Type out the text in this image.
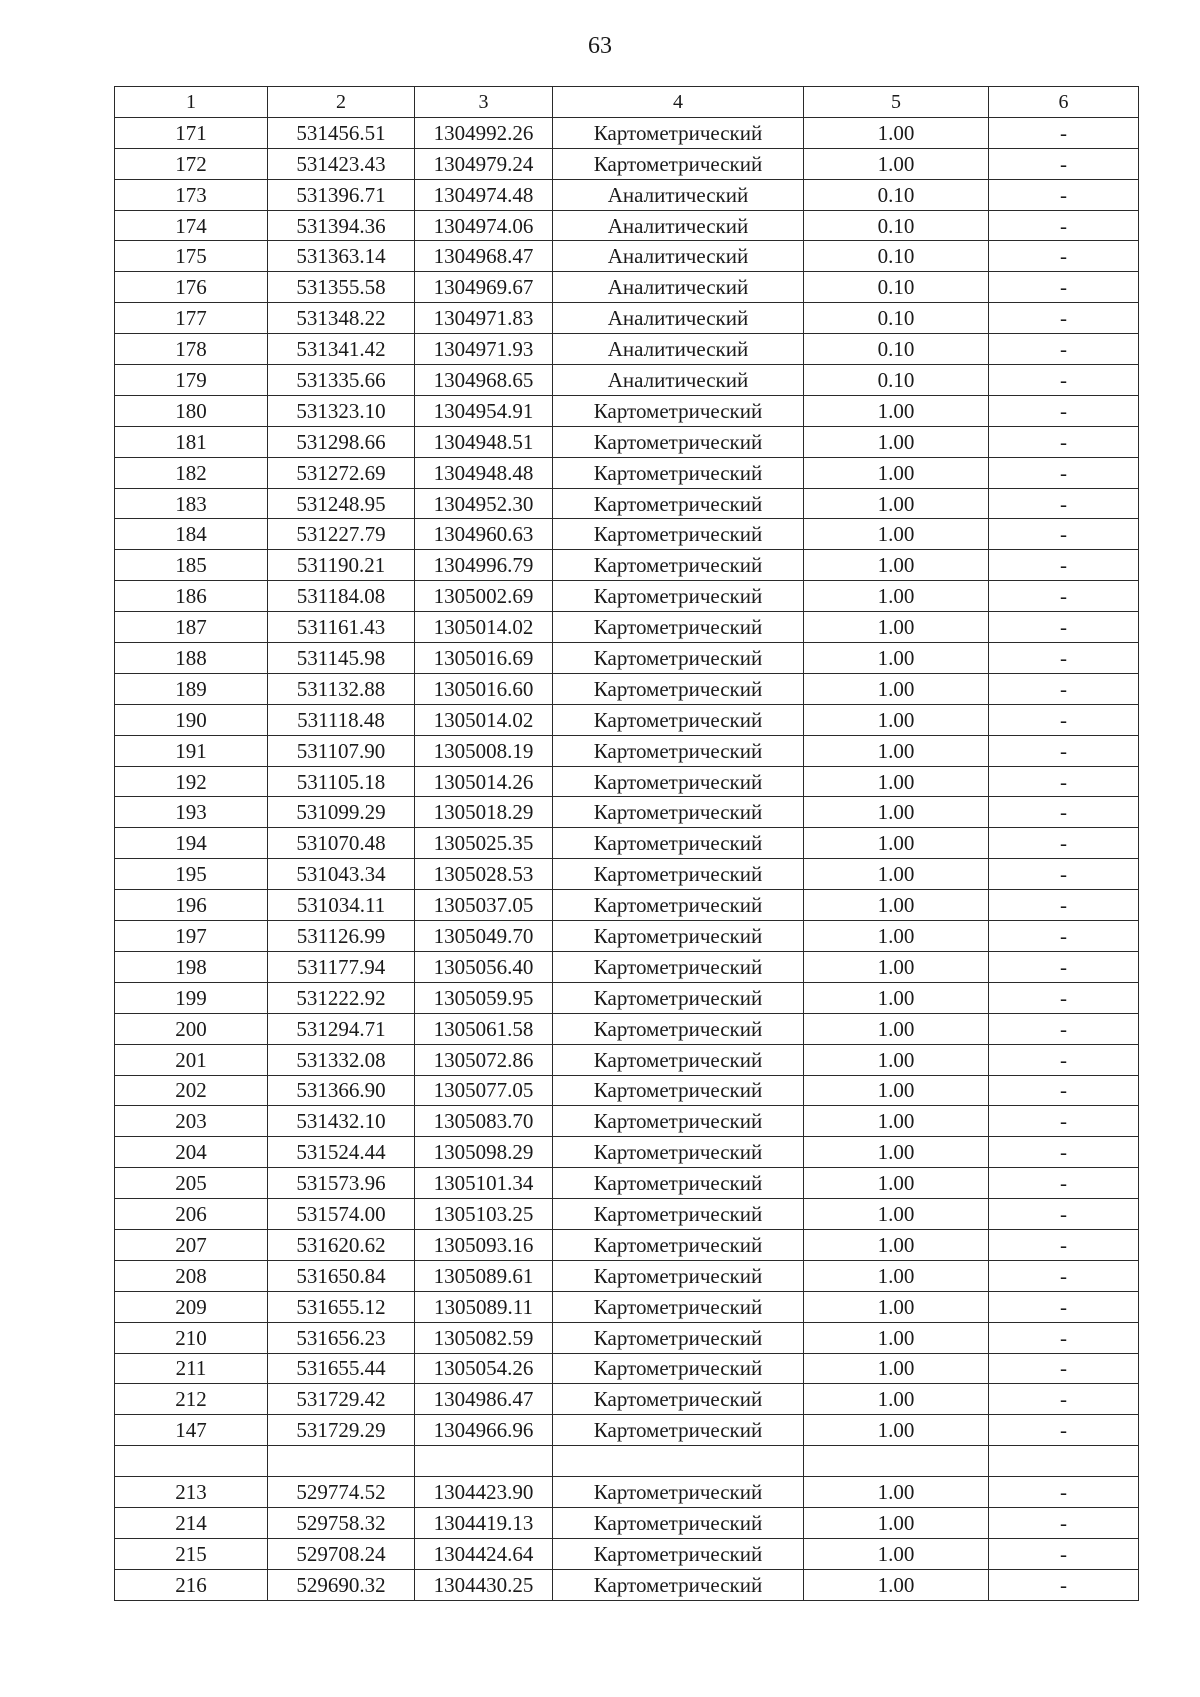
63
1	2	3	4	5	6
171	531456.51	1304992.26	Картометрический	1.00	-
172	531423.43	1304979.24	Картометрический	1.00	-
173	531396.71	1304974.48	Аналитический	0.10	-
174	531394.36	1304974.06	Аналитический	0.10	-
175	531363.14	1304968.47	Аналитический	0.10	-
176	531355.58	1304969.67	Аналитический	0.10	-
177	531348.22	1304971.83	Аналитический	0.10	-
178	531341.42	1304971.93	Аналитический	0.10	-
179	531335.66	1304968.65	Аналитический	0.10	-
180	531323.10	1304954.91	Картометрический	1.00	-
181	531298.66	1304948.51	Картометрический	1.00	-
182	531272.69	1304948.48	Картометрический	1.00	-
183	531248.95	1304952.30	Картометрический	1.00	-
184	531227.79	1304960.63	Картометрический	1.00	-
185	531190.21	1304996.79	Картометрический	1.00	-
186	531184.08	1305002.69	Картометрический	1.00	-
187	531161.43	1305014.02	Картометрический	1.00	-
188	531145.98	1305016.69	Картометрический	1.00	-
189	531132.88	1305016.60	Картометрический	1.00	-
190	531118.48	1305014.02	Картометрический	1.00	-
191	531107.90	1305008.19	Картометрический	1.00	-
192	531105.18	1305014.26	Картометрический	1.00	-
193	531099.29	1305018.29	Картометрический	1.00	-
194	531070.48	1305025.35	Картометрический	1.00	-
195	531043.34	1305028.53	Картометрический	1.00	-
196	531034.11	1305037.05	Картометрический	1.00	-
197	531126.99	1305049.70	Картометрический	1.00	-
198	531177.94	1305056.40	Картометрический	1.00	-
199	531222.92	1305059.95	Картометрический	1.00	-
200	531294.71	1305061.58	Картометрический	1.00	-
201	531332.08	1305072.86	Картометрический	1.00	-
202	531366.90	1305077.05	Картометрический	1.00	-
203	531432.10	1305083.70	Картометрический	1.00	-
204	531524.44	1305098.29	Картометрический	1.00	-
205	531573.96	1305101.34	Картометрический	1.00	-
206	531574.00	1305103.25	Картометрический	1.00	-
207	531620.62	1305093.16	Картометрический	1.00	-
208	531650.84	1305089.61	Картометрический	1.00	-
209	531655.12	1305089.11	Картометрический	1.00	-
210	531656.23	1305082.59	Картометрический	1.00	-
211	531655.44	1305054.26	Картометрический	1.00	-
212	531729.42	1304986.47	Картометрический	1.00	-
147	531729.29	1304966.96	Картометрический	1.00	-

213	529774.52	1304423.90	Картометрический	1.00	-
214	529758.32	1304419.13	Картометрический	1.00	-
215	529708.24	1304424.64	Картометрический	1.00	-
216	529690.32	1304430.25	Картометрический	1.00	-
